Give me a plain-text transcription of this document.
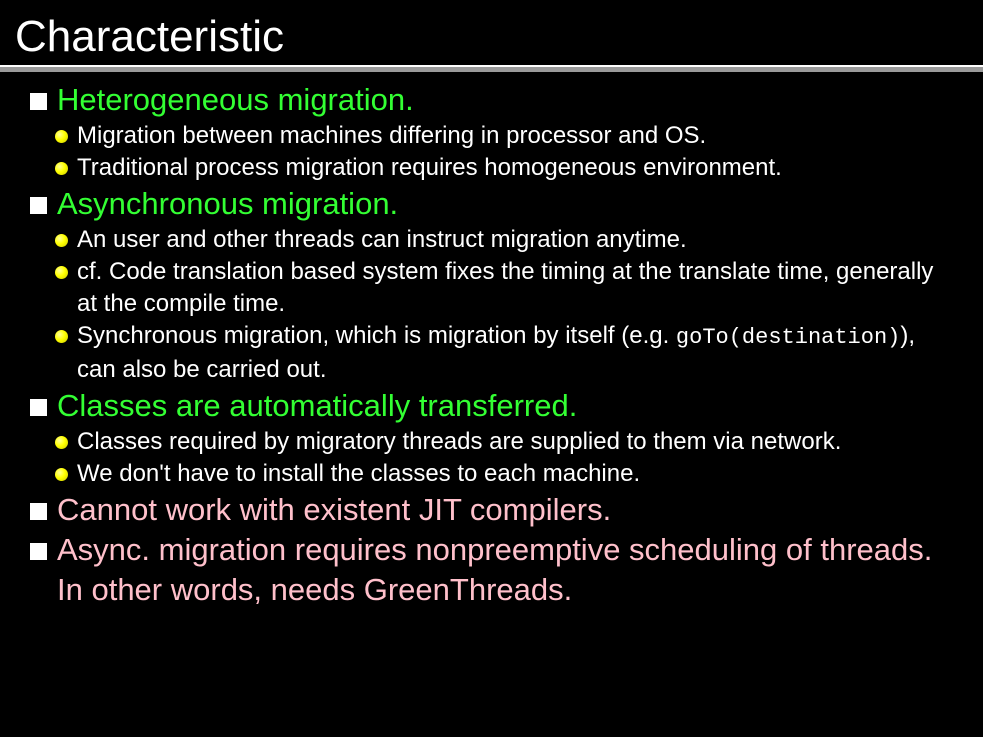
Characteristic
Heterogeneous migration.
Migration between machines differing in processor and OS.
Traditional process migration requires homogeneous environment.
Asynchronous migration.
An user and other threads can instruct migration anytime.
cf. Code translation based system fixes the timing at the translate time, generally at the compile time.
Synchronous migration, which is migration by itself (e.g. goTo(destination)), can also be carried out.
Classes are automatically transferred.
Classes required by migratory threads are supplied to them via network.
We don't have to install the classes to each machine.
Cannot work with existent JIT compilers.
Async. migration requires nonpreemptive scheduling of threads. In other words, needs GreenThreads.
